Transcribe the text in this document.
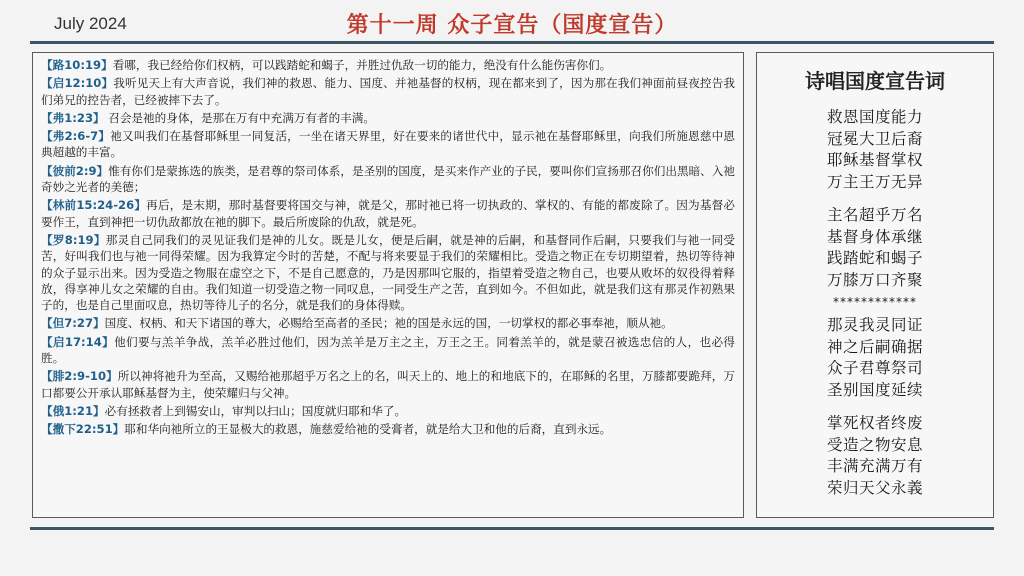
July 2024	第十一周 众子宣告（国度宣告）

【路10:19】看哪，我已经给你们权柄，可以践踏蛇和蝎子，并胜过仇敌一切的能力，绝没有什么能伤害你们。

【启12:10】我听见天上有大声音说，我们神的救恩、能力、国度、并祂基督的权柄，现在都来到了，因为那在我们神面前昼夜控告我们弟兄的控告者，已经被摔下去了。

【弗1:23】 召会是祂的身体，是那在万有中充满万有者的丰满。

【弗2:6-7】祂又叫我们在基督耶稣里一同复活，一坐在诸天界里，好在要来的诸世代中，显示祂在基督耶稣里，向我们所施恩慈中恩典超越的丰富。

【彼前2:9】惟有你们是蒙拣选的族类，是君尊的祭司体系，是圣别的国度，是买来作产业的子民，要叫你们宣扬那召你们出黑暗、入祂奇妙之光者的美德；

【林前15:24-26】再后，是末期，那时基督要将国交与神，就是父，那时祂已将一切执政的、掌权的、有能的都废除了。因为基督必要作王，直到神把一切仇敌都放在祂的脚下。最后所废除的仇敌，就是死。

【罗8:19】那灵自己同我们的灵见证我们是神的儿女。既是儿女，便是后嗣，就是神的后嗣，和基督同作后嗣，只要我们与祂一同受苦，好叫我们也与祂一同得荣耀。因为我算定今时的苦楚，不配与将来要显于我们的荣耀相比。受造之物正在专切期望着，热切等待神的众子显示出来。因为受造之物服在虚空之下，不是自己愿意的，乃是因那叫它服的，指望着受造之物自己，也要从败坏的奴役得着释放，得享神儿女之荣耀的自由。我们知道一切受造之物一同叹息，一同受生产之苦，直到如今。不但如此，就是我们这有那灵作初熟果子的，也是自己里面叹息，热切等待儿子的名分，就是我们的身体得赎。

【但7:27】国度、权柄、和天下诸国的尊大，必赐给至高者的圣民；祂的国是永远的国，一切掌权的都必事奉祂，顺从祂。

【启17:14】他们要与羔羊争战，羔羊必胜过他们，因为羔羊是万主之主，万王之王。同着羔羊的，就是蒙召被选忠信的人，也必得胜。

【腓2:9-10】所以神将祂升为至高，又赐给祂那超乎万名之上的名，叫天上的、地上的和地底下的，在耶稣的名里，万膝都要跪拜，万口都要公开承认耶稣基督为主，使荣耀归与父神。

【俄1:21】必有拯救者上到锡安山，审判以扫山；国度就归耶和华了。

【撒下22:51】耶和华向祂所立的王显极大的救恩，施慈爱给祂的受膏者，就是给大卫和他的后裔，直到永远。

诗唱国度宣告词
救恩国度能力
冠冕大卫后裔
耶稣基督掌权
万主王万无异
主名超乎万名
基督身体承继
践踏蛇和蝎子
万膝万口齐聚
************
那灵我灵同证
神之后嗣确据
众子君尊祭司
圣别国度延续
掌死权者终废
受造之物安息
丰满充满万有
荣归天父永義
